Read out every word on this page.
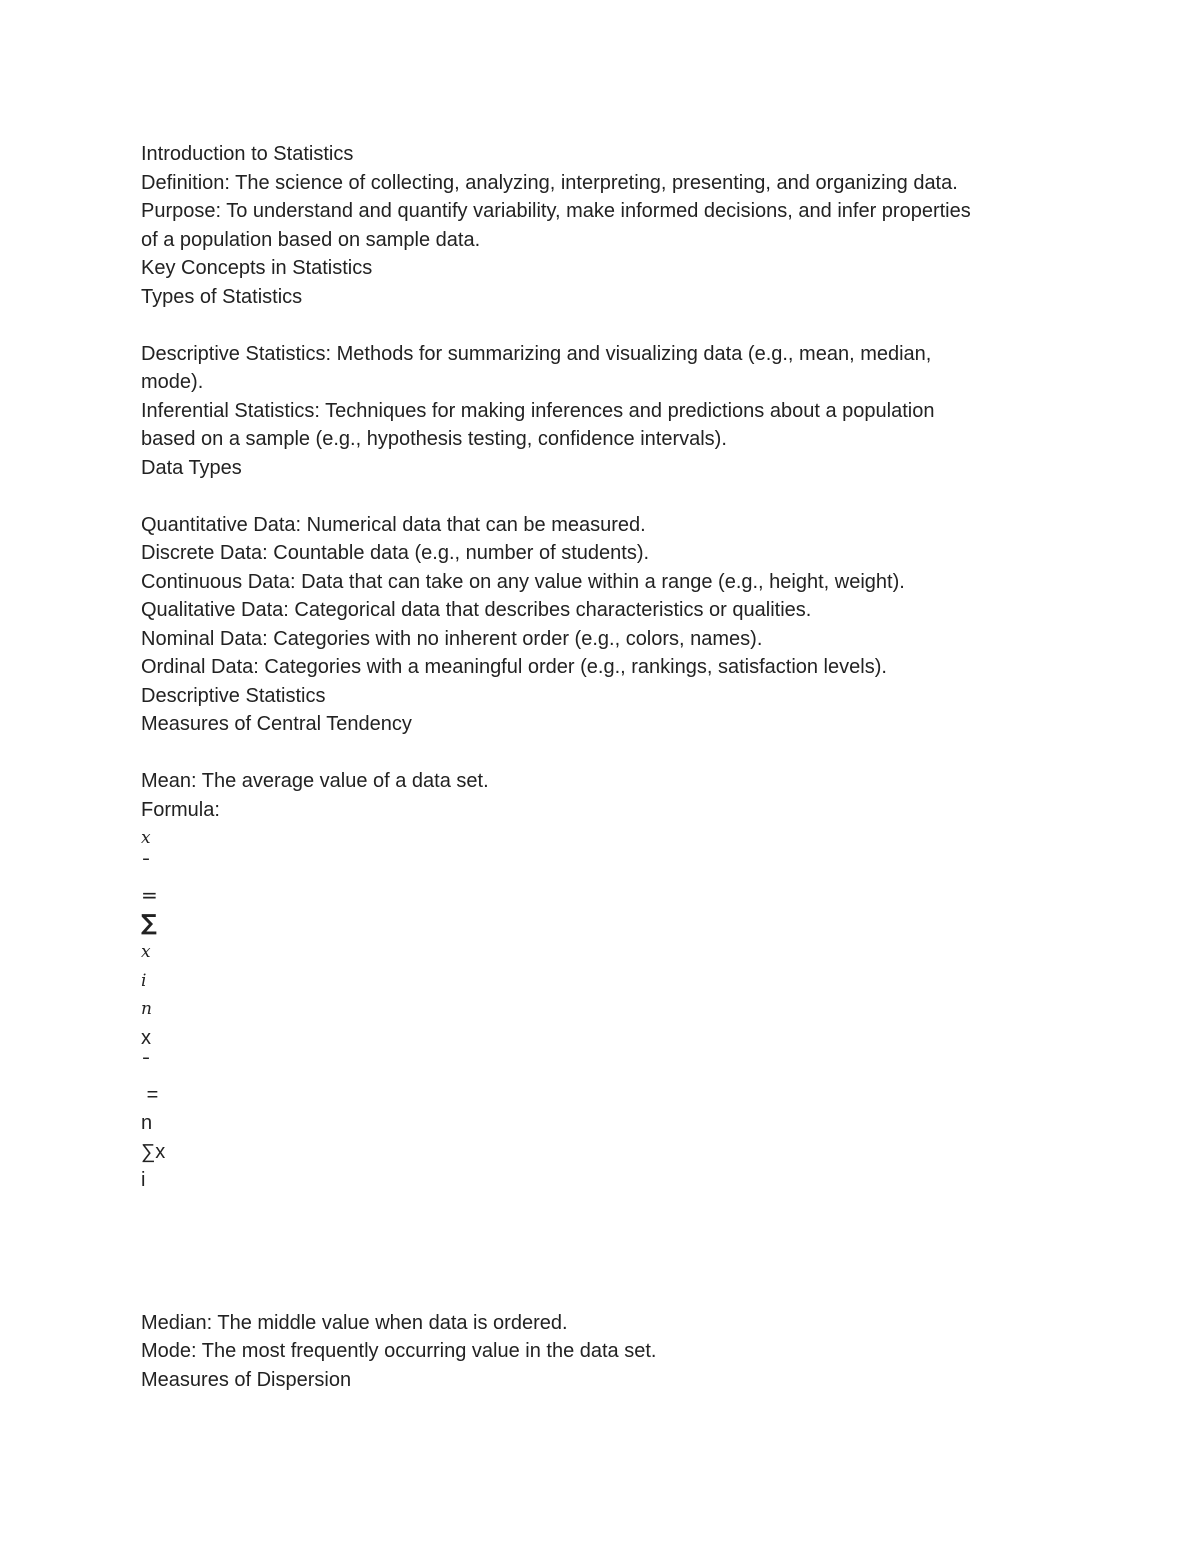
Introduction to Statistics
Definition: The science of collecting, analyzing, interpreting, presenting, and organizing data.
Purpose: To understand and quantify variability, make informed decisions, and infer properties
of a population based on sample data.
Key Concepts in Statistics
Types of Statistics
Descriptive Statistics: Methods for summarizing and visualizing data (e.g., mean, median,
mode).
Inferential Statistics: Techniques for making inferences and predictions about a population
based on a sample (e.g., hypothesis testing, confidence intervals).
Data Types
Quantitative Data: Numerical data that can be measured.
Discrete Data: Countable data (e.g., number of students).
Continuous Data: Data that can take on any value within a range (e.g., height, weight).
Qualitative Data: Categorical data that describes characteristics or qualities.
Nominal Data: Categories with no inherent order (e.g., colors, names).
Ordinal Data: Categories with a meaningful order (e.g., rankings, satisfaction levels).
Descriptive Statistics
Measures of Central Tendency
Mean: The average value of a data set.
Formula:
𝑥
ˉ
=
∑
𝑥
𝑖
𝑛
x
ˉ
=
n
∑x
i
Median: The middle value when data is ordered.
Mode: The most frequently occurring value in the data set.
Measures of Dispersion
